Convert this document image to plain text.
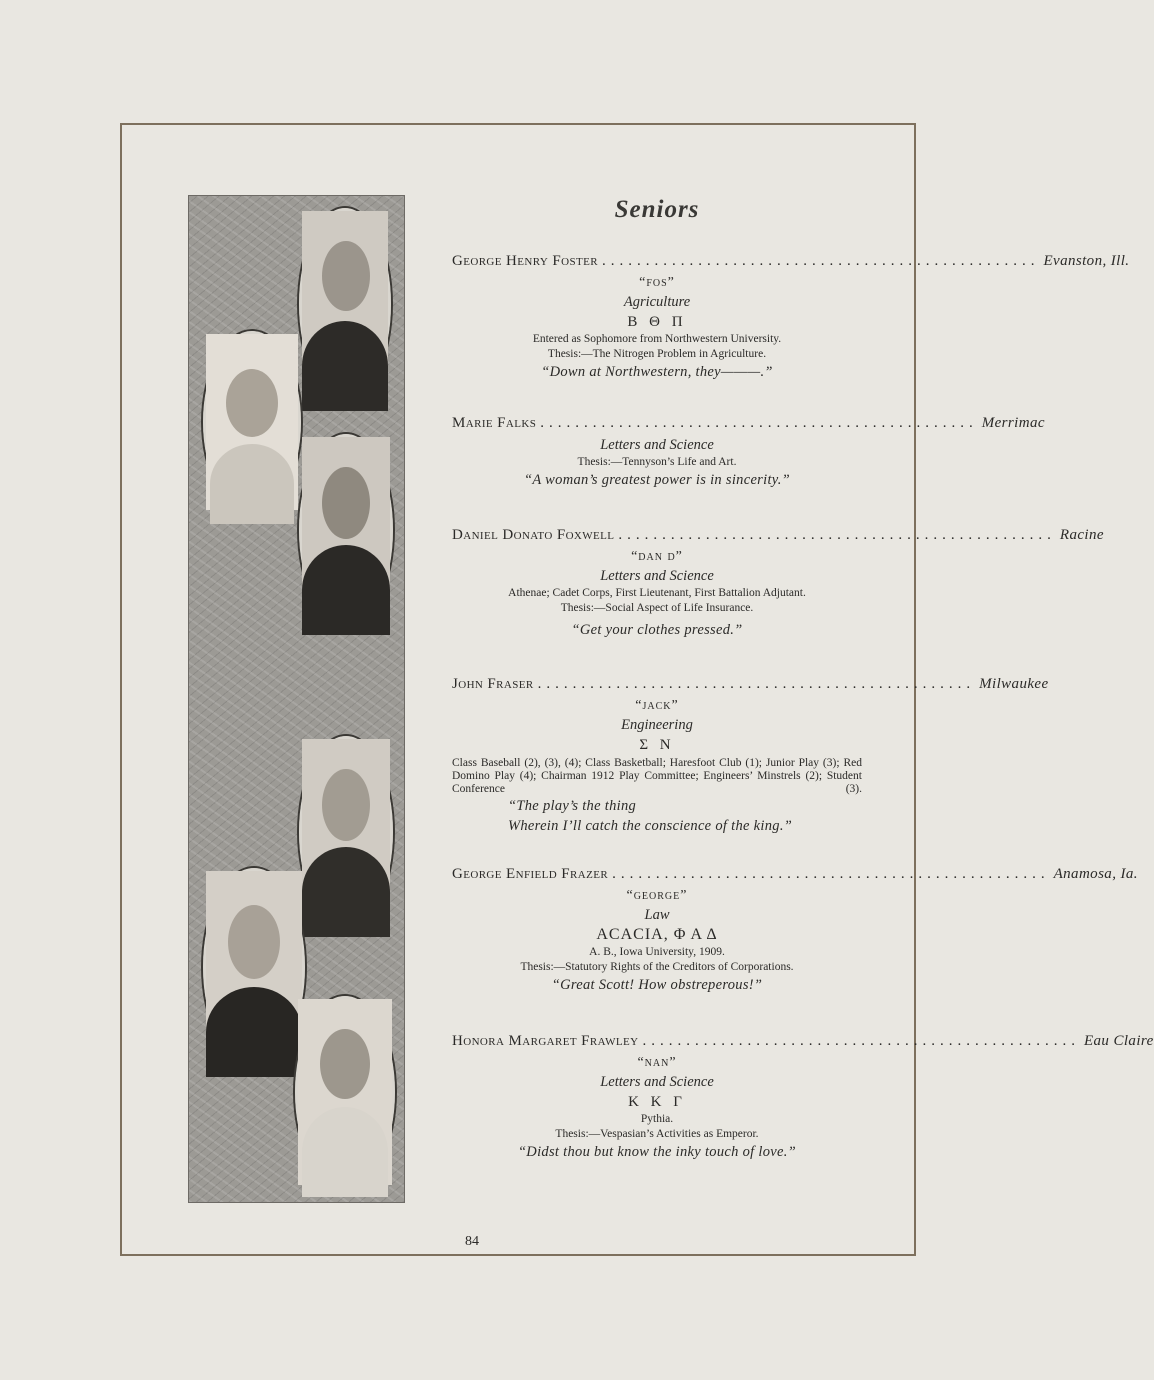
Seniors
George Henry Foster .................................................. Evanston, Ill.
“fos”
Agriculture
Β Θ Π
Entered as Sophomore from Northwestern University.
Thesis:—The Nitrogen Problem in Agriculture.
“Down at Northwestern, they———.”
Marie Falks .................................................. Merrimac
Letters and Science
Thesis:—Tennyson’s Life and Art.
“A woman’s greatest power is in sincerity.”
Daniel Donato Foxwell .................................................. Racine
“dan d”
Letters and Science
Athenae; Cadet Corps, First Lieutenant, First Battalion Adjutant.
Thesis:—Social Aspect of Life Insurance.
“Get your clothes pressed.”
John Fraser .................................................. Milwaukee
“jack”
Engineering
Σ Ν
Class Baseball (2), (3), (4); Class Basketball; Haresfoot Club (1); Junior Play (3); Red Domino Play (4); Chairman 1912 Play Committee; Engineers’ Minstrels (2); Student Conference (3).
“The play’s the thing
Wherein I’ll catch the conscience of the king.”
George Enfield Frazer .................................................. Anamosa, Ia.
“george”
Law
ACACIA, Φ Α Δ
A. B., Iowa University, 1909.
Thesis:—Statutory Rights of the Creditors of Corporations.
“Great Scott! How obstreperous!”
Honora Margaret Frawley .................................................. Eau Claire
“nan”
Letters and Science
Κ Κ Γ
Pythia.
Thesis:—Vespasian’s Activities as Emperor.
“Didst thou but know the inky touch of love.”
84
